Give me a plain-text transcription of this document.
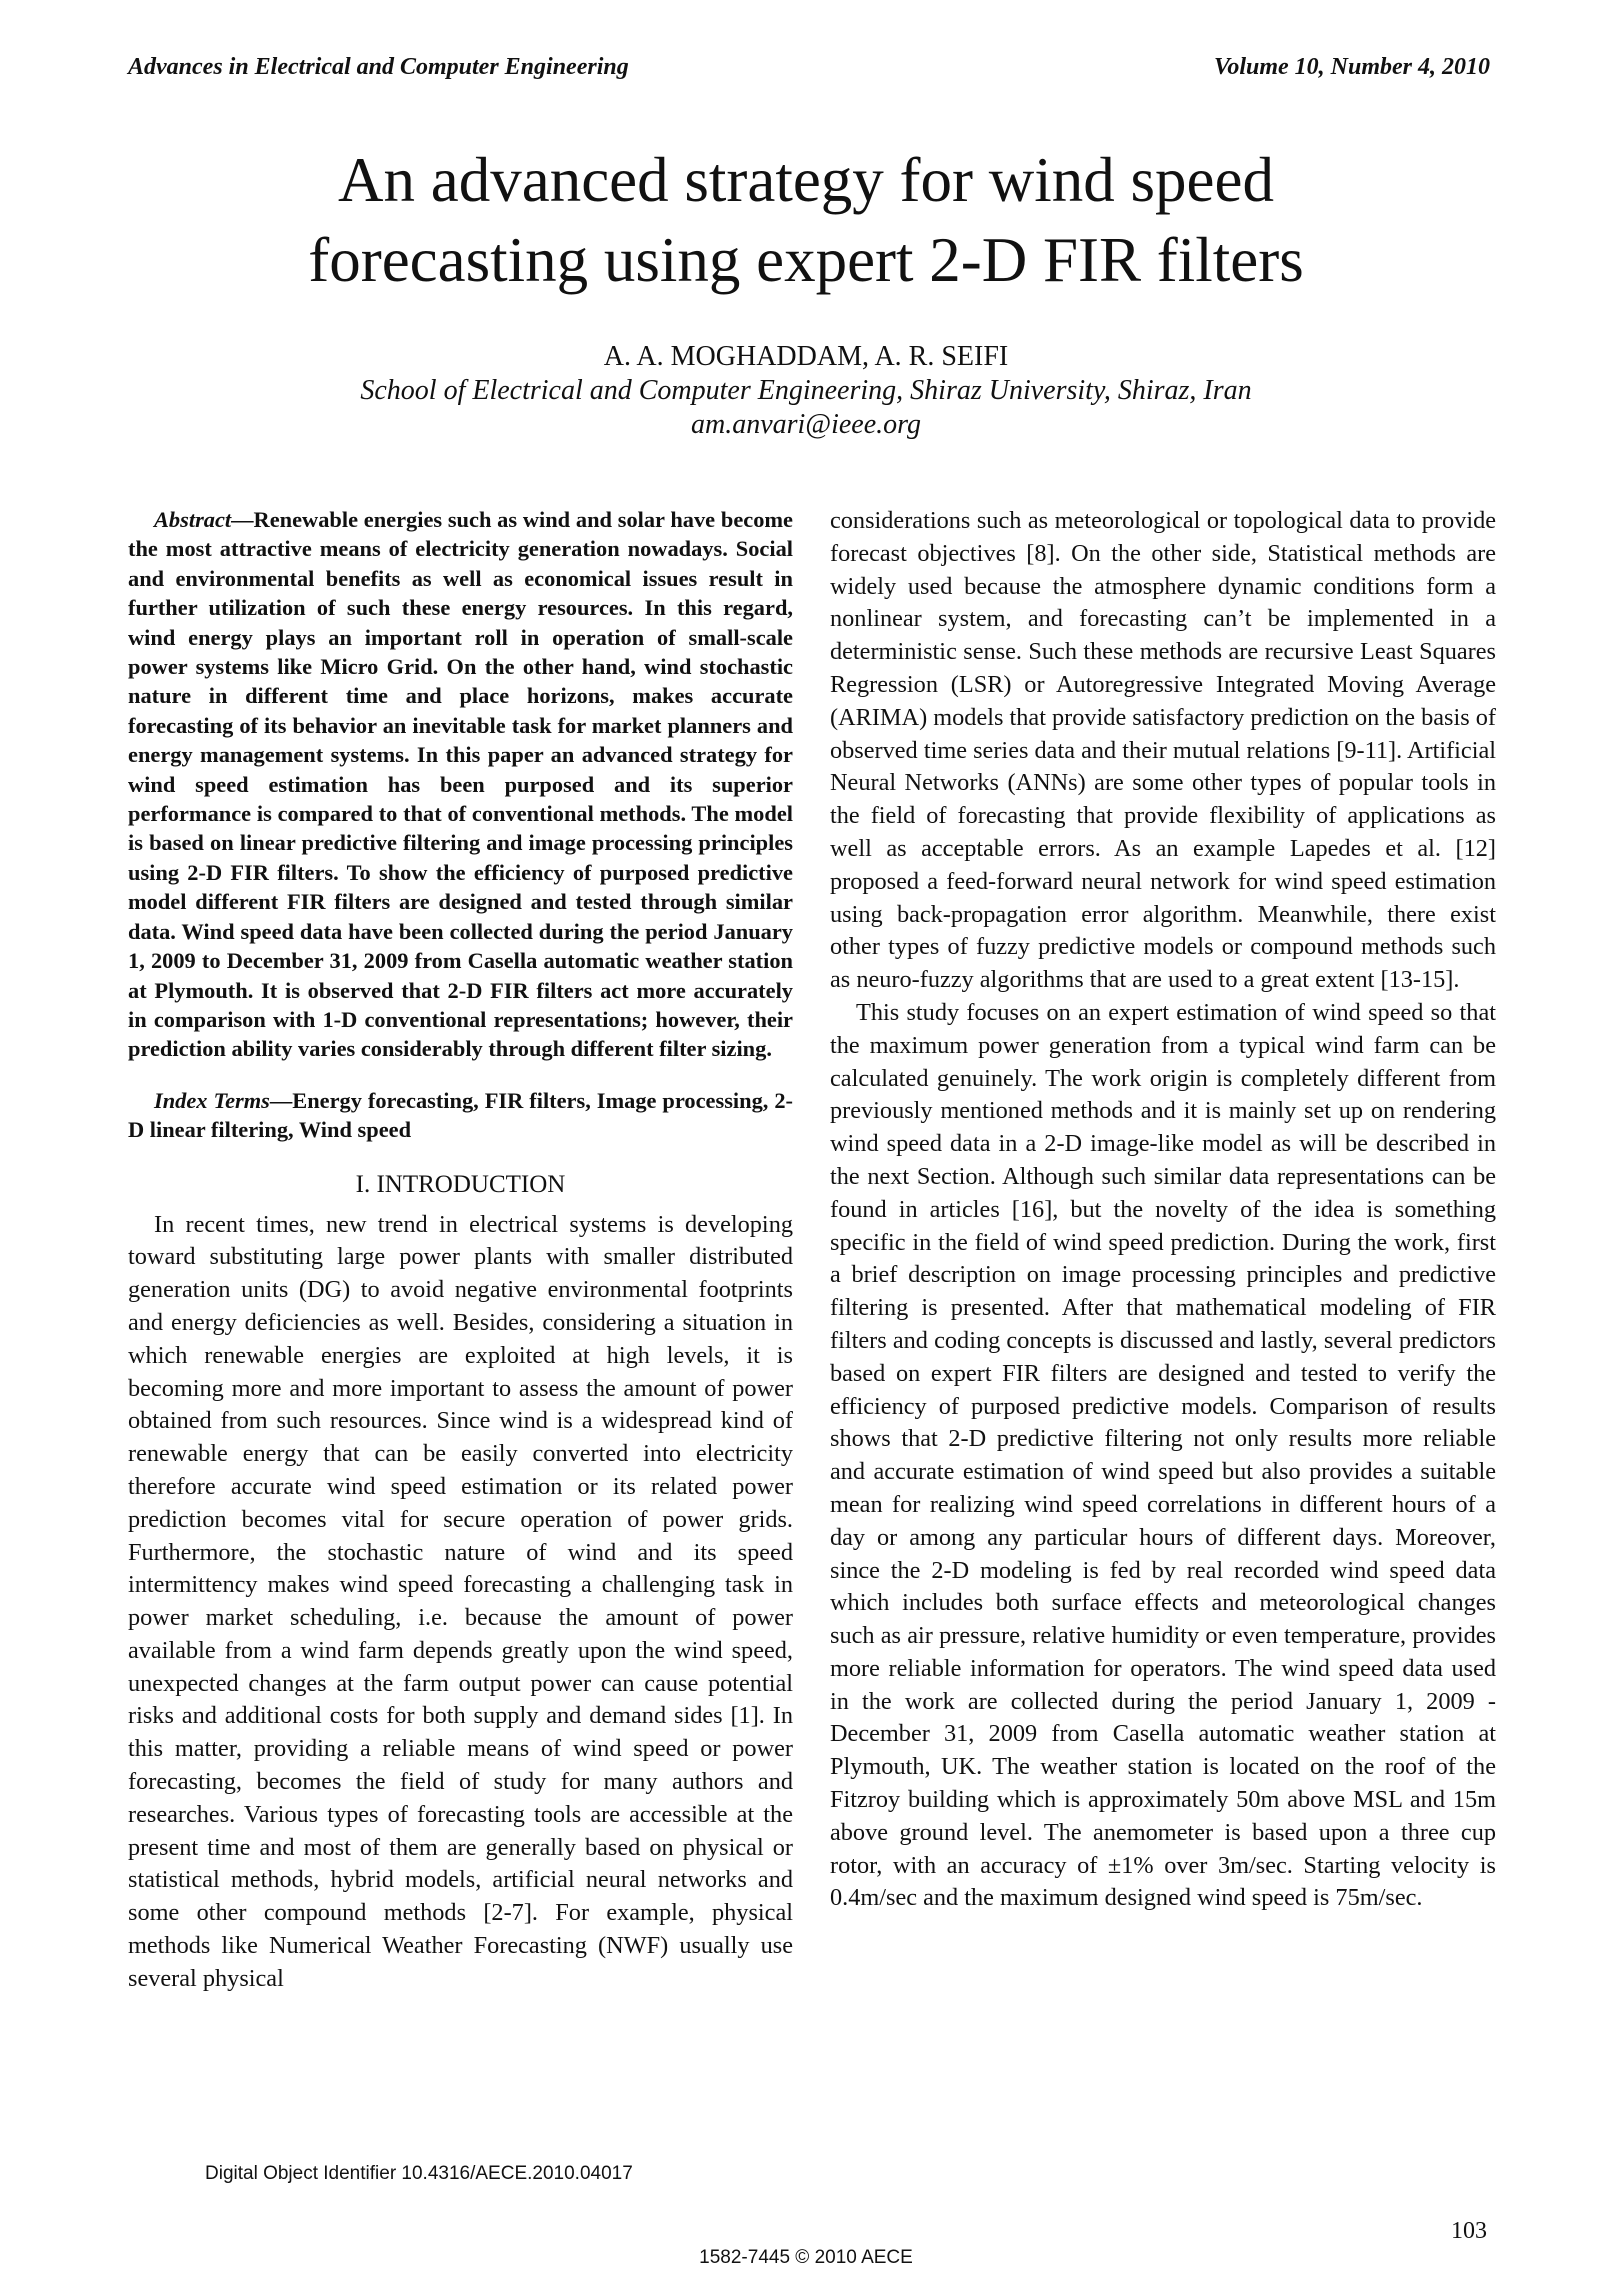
Advances in Electrical and Computer Engineering	Volume 10, Number 4, 2010
An advanced strategy for wind speed
forecasting using expert 2-D FIR filters
A. A. MOGHADDAM, A. R. SEIFI
School of Electrical and Computer Engineering, Shiraz University, Shiraz, Iran
am.anvari@ieee.org

Abstract—Renewable energies such as wind and solar have become the most attractive means of electricity generation nowadays. Social and environmental benefits as well as economical issues result in further utilization of such these energy resources. In this regard, wind energy plays an important roll in operation of small-scale power systems like Micro Grid. On the other hand, wind stochastic nature in different time and place horizons, makes accurate forecasting of its behavior an inevitable task for market planners and energy management systems. In this paper an advanced strategy for wind speed estimation has been purposed and its superior performance is compared to that of conventional methods. The model is based on linear predictive filtering and image processing principles using 2-D FIR filters. To show the efficiency of purposed predictive model different FIR filters are designed and tested through similar data. Wind speed data have been collected during the period January 1, 2009 to December 31, 2009 from Casella automatic weather station at Plymouth. It is observed that 2-D FIR filters act more accurately in comparison with 1-D conventional representations; however, their prediction ability varies considerably through different filter sizing.

Index Terms—Energy forecasting, FIR filters, Image processing, 2-D linear filtering, Wind speed

I. INTRODUCTION

In recent times, new trend in electrical systems is developing toward substituting large power plants with smaller distributed generation units (DG) to avoid negative environmental footprints and energy deficiencies as well. Besides, considering a situation in which renewable energies are exploited at high levels, it is becoming more and more important to assess the amount of power obtained from such resources. Since wind is a widespread kind of renewable energy that can be easily converted into electricity therefore accurate wind speed estimation or its related power prediction becomes vital for secure operation of power grids. Furthermore, the stochastic nature of wind and its speed intermittency makes wind speed forecasting a challenging task in power market scheduling, i.e. because the amount of power available from a wind farm depends greatly upon the wind speed, unexpected changes at the farm output power can cause potential risks and additional costs for both supply and demand sides [1]. In this matter, providing a reliable means of wind speed or power forecasting, becomes the field of study for many authors and researches. Various types of forecasting tools are accessible at the present time and most of them are generally based on physical or statistical methods, hybrid models, artificial neural networks and some other compound methods [2-7]. For example, physical methods like Numerical Weather Forecasting (NWF) usually use several physical

considerations such as meteorological or topological data to provide forecast objectives [8]. On the other side, Statistical methods are widely used because the atmosphere dynamic conditions form a nonlinear system, and forecasting can’t be implemented in a deterministic sense. Such these methods are recursive Least Squares Regression (LSR) or Autoregressive Integrated Moving Average (ARIMA) models that provide satisfactory prediction on the basis of observed time series data and their mutual relations [9-11]. Artificial Neural Networks (ANNs) are some other types of popular tools in the field of forecasting that provide flexibility of applications as well as acceptable errors. As an example Lapedes et al. [12] proposed a feed-forward neural network for wind speed estimation using back-propagation error algorithm. Meanwhile, there exist other types of fuzzy predictive models or compound methods such as neuro-fuzzy algorithms that are used to a great extent [13-15].

This study focuses on an expert estimation of wind speed so that the maximum power generation from a typical wind farm can be calculated genuinely. The work origin is completely different from previously mentioned methods and it is mainly set up on rendering wind speed data in a 2-D image-like model as will be described in the next Section. Although such similar data representations can be found in articles [16], but the novelty of the idea is something specific in the field of wind speed prediction. During the work, first a brief description on image processing principles and predictive filtering is presented. After that mathematical modeling of FIR filters and coding concepts is discussed and lastly, several predictors based on expert FIR filters are designed and tested to verify the efficiency of purposed predictive models. Comparison of results shows that 2-D predictive filtering not only results more reliable and accurate estimation of wind speed but also provides a suitable mean for realizing wind speed correlations in different hours of a day or among any particular hours of different days. Moreover, since the 2-D modeling is fed by real recorded wind speed data which includes both surface effects and meteorological changes such as air pressure, relative humidity or even temperature, provides more reliable information for operators. The wind speed data used in the work are collected during the period January 1, 2009 - December 31, 2009 from Casella automatic weather station at Plymouth, UK. The weather station is located on the roof of the Fitzroy building which is approximately 50m above MSL and 15m above ground level. The anemometer is based upon a three cup rotor, with an accuracy of ±1% over 3m/sec. Starting velocity is 0.4m/sec and the maximum designed wind speed is 75m/sec.

Digital Object Identifier 10.4316/AECE.2010.04017
103
1582-7445 © 2010 AECE
